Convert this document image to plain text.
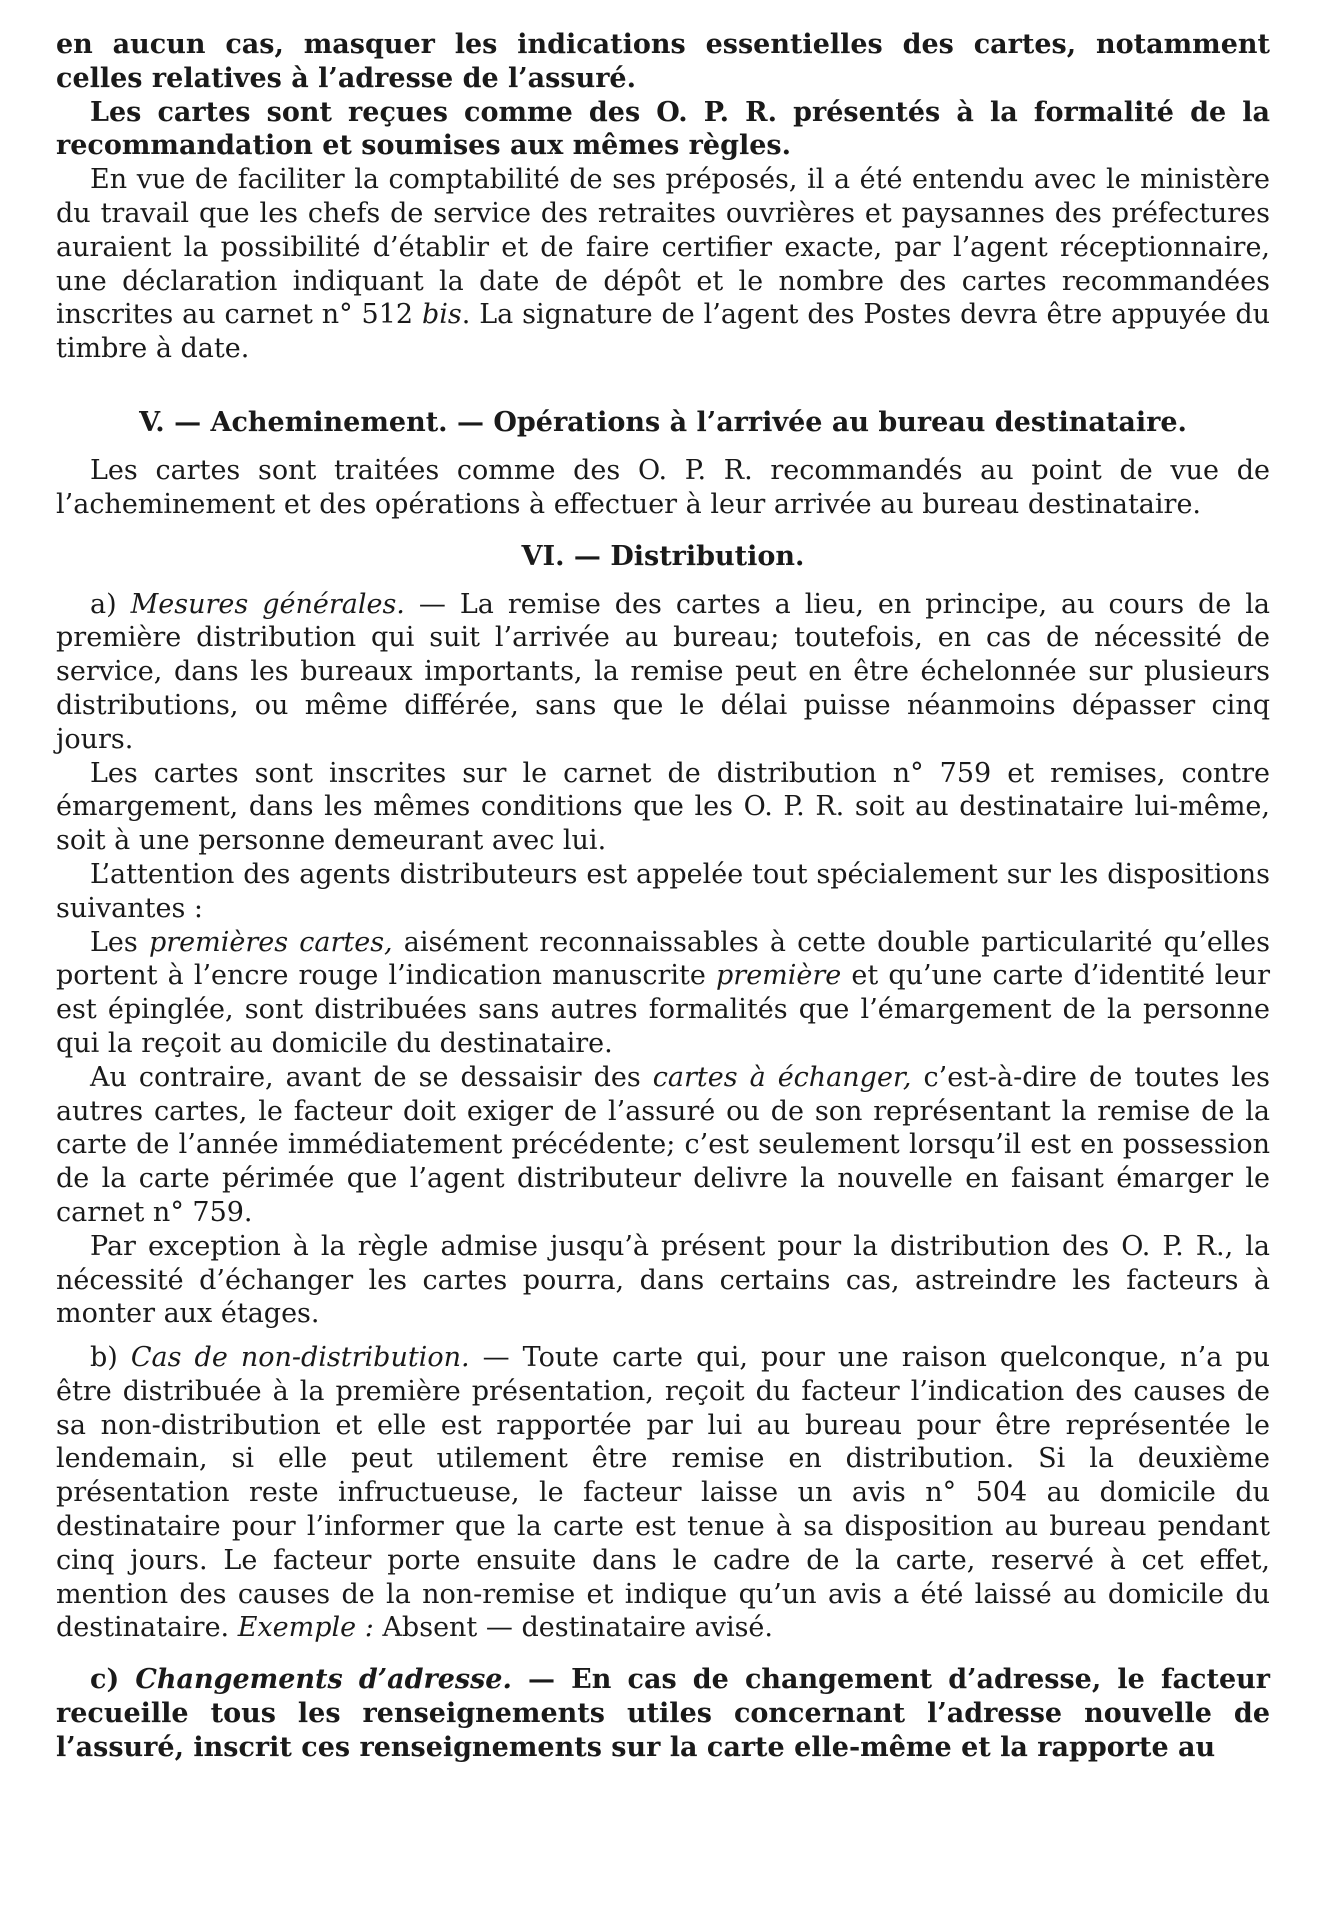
en aucun cas, masquer les indications essentielles des cartes, notamment celles relatives à l’adresse de l’assuré.

Les cartes sont reçues comme des O. P. R. présentés à la formalité de la recommandation et soumises aux mêmes règles.

En vue de faciliter la comptabilité de ses préposés, il a été entendu avec le ministère du travail que les chefs de service des retraites ouvrières et paysannes des préfectures auraient la possibilité d’établir et de faire certifier exacte, par l’agent réceptionnaire, une déclaration indiquant la date de dépôt et le nombre des cartes recommandées inscrites au carnet n° 512 bis. La signature de l’agent des Postes devra être appuyée du timbre à date.

V. — Acheminement. — Opérations à l’arrivée au bureau destinataire.

Les cartes sont traitées comme des O. P. R. recommandés au point de vue de l’acheminement et des opérations à effectuer à leur arrivée au bureau destinataire.

VI. — Distribution.

a) Mesures générales. — La remise des cartes a lieu, en principe, au cours de la première distribution qui suit l’arrivée au bureau; toutefois, en cas de nécessité de service, dans les bureaux importants, la remise peut en être échelonnée sur plusieurs distributions, ou même différée, sans que le délai puisse néanmoins dépasser cinq jours.

Les cartes sont inscrites sur le carnet de distribution n° 759 et remises, contre émargement, dans les mêmes conditions que les O. P. R. soit au destinataire lui-même, soit à une personne demeurant avec lui.

L’attention des agents distributeurs est appelée tout spécialement sur les dispositions suivantes :

Les premières cartes, aisément reconnaissables à cette double particularité qu’elles portent à l’encre rouge l’indication manuscrite première et qu’une carte d’identité leur est épinglée, sont distribuées sans autres formalités que l’émargement de la personne qui la reçoit au domicile du destinataire.

Au contraire, avant de se dessaisir des cartes à échanger, c’est-à-dire de toutes les autres cartes, le facteur doit exiger de l’assuré ou de son représentant la remise de la carte de l’année immédiatement précédente; c’est seulement lorsqu’il est en possession de la carte périmée que l’agent distributeur delivre la nouvelle en faisant émarger le carnet n° 759.

Par exception à la règle admise jusqu’à présent pour la distribution des O. P. R., la nécessité d’échanger les cartes pourra, dans certains cas, astreindre les facteurs à monter aux étages.

b) Cas de non-distribution. — Toute carte qui, pour une raison quelconque, n’a pu être distribuée à la première présentation, reçoit du facteur l’indication des causes de sa non-distribution et elle est rapportée par lui au bureau pour être représentée le lendemain, si elle peut utilement être remise en distribution. Si la deuxième présentation reste infructueuse, le facteur laisse un avis n° 504 au domicile du destinataire pour l’informer que la carte est tenue à sa disposition au bureau pendant cinq jours. Le facteur porte ensuite dans le cadre de la carte, reservé à cet effet, mention des causes de la non-remise et indique qu’un avis a été laissé au domicile du destinataire. Exemple : Absent — destinataire avisé.

c) Changements d’adresse. — En cas de changement d’adresse, le facteur recueille tous les renseignements utiles concernant l’adresse nouvelle de l’assuré, inscrit ces renseignements sur la carte elle-même et la rapporte au
